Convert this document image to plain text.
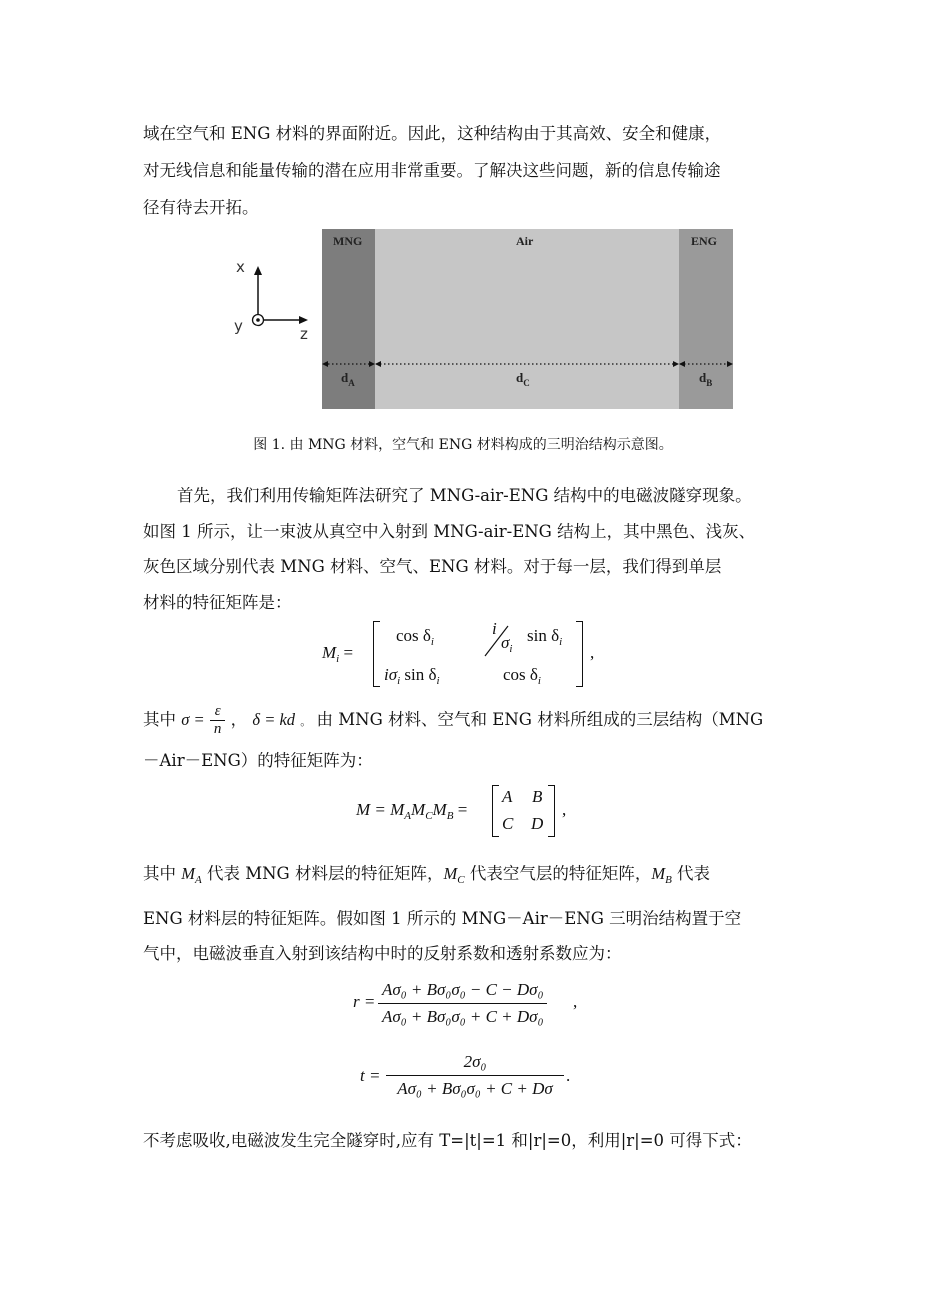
域在空气和 ENG 材料的界面附近。因此，这种结构由于其高效、安全和健康，
对无线信息和能量传输的潜在应用非常重要。了解决这些问题，新的信息传输途
径有待去开拓。
MNG	Air	ENG
$d_A$	$d_C$	$d_B$
x
y	z
图 1. 由 MNG 材料，空气和 ENG 材料构成的三明治结构示意图。
首先，我们利用传输矩阵法研究了 MNG-air-ENG 结构中的电磁波隧穿现象。
如图 1 所示，让一束波从真空中入射到 MNG-air-ENG 结构上，其中黑色、浅灰、
灰色区域分别代表 MNG 材料、空气、ENG 材料。对于每一层，我们得到单层
材料的特征矩阵是：
$M_i$ =
$\cos \delta_i$
i
$\sigma_i$
$\sin \delta_i$
$i\sigma_i$ $\sin \delta_i$	$\cos \delta_i$
,
其中 $\sigma = \frac{\varepsilon}{n}$ ， δ = kd 。 由 MNG 材料、空气和 ENG 材料所组成的三层结构（MNG
－Air－ENG）的特征矩阵为：
$M = M_AM_CM_B$ =
A B
C D
,
其中 $M_A$ 代表 MNG 材料层的特征矩阵，$M_C$ 代表空气层的特征矩阵，$M_B$ 代表
ENG 材料层的特征矩阵。假如图 1 所示的 MNG－Air－ENG 三明治结构置于空
气中，电磁波垂直入射到该结构中时的反射系数和透射系数应为：
r =
Aσ₀ + Bσ₀σ₀ − C − Dσ₀
Aσ₀ + Bσ₀σ₀ + C + Dσ₀
,
t =
2σ₀
Aσ₀ + Bσ₀σ₀ + C + Dσ
.
不考虑吸收,电磁波发生完全隧穿时,应有 T=|t|=1 和|r|=0，利用|r|=0 可得下式：
